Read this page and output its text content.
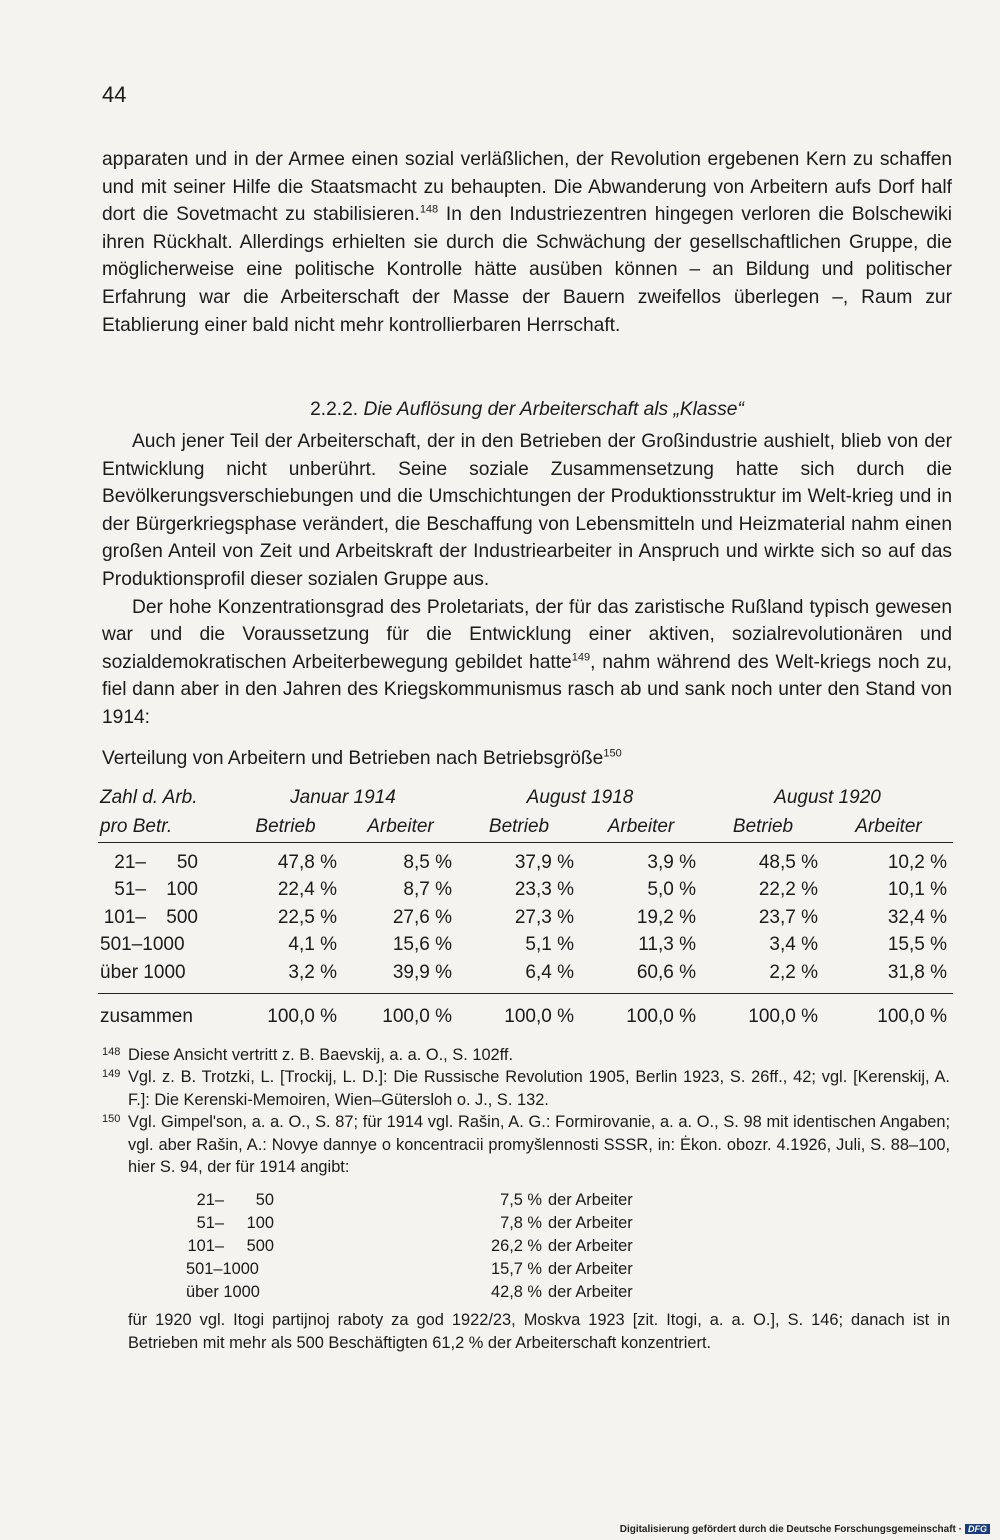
44

apparaten und in der Armee einen sozial verläßlichen, der Revolution ergebenen Kern zu schaffen und mit seiner Hilfe die Staatsmacht zu behaupten. Die Abwanderung von Arbeitern aufs Dorf half dort die Sovetmacht zu stabilisieren.$^{148}$ In den Industriezentren hingegen verloren die Bolschewiki ihren Rückhalt. Allerdings erhielten sie durch die Schwächung der gesellschaftlichen Gruppe, die möglicherweise eine politische Kontrolle hätte ausüben können – an Bildung und politischer Erfahrung war die Arbeiterschaft der Masse der Bauern zweifellos überlegen –, Raum zur Etablierung einer bald nicht mehr kontrollierbaren Herrschaft.

2.2.2. Die Auflösung der Arbeiterschaft als „Klasse“

Auch jener Teil der Arbeiterschaft, der in den Betrieben der Großindustrie aushielt, blieb von der Entwicklung nicht unberührt. Seine soziale Zusammensetzung hatte sich durch die Bevölkerungsverschiebungen und die Umschichtungen der Produktionsstruktur im Welt-krieg und in der Bürgerkriegsphase verändert, die Beschaffung von Lebensmitteln und Heizmaterial nahm einen großen Anteil von Zeit und Arbeitskraft der Industriearbeiter in Anspruch und wirkte sich so auf das Produktionsprofil dieser sozialen Gruppe aus.

Der hohe Konzentrationsgrad des Proletariats, der für das zaristische Rußland typisch gewesen war und die Voraussetzung für die Entwicklung einer aktiven, sozialrevolutionären und sozialdemokratischen Arbeiterbewegung gebildet hatte$^{149}$, nahm während des Welt-kriegs noch zu, fiel dann aber in den Jahren des Kriegskommunismus rasch ab und sank noch unter den Stand von 1914:

Verteilung von Arbeitern und Betrieben nach Betriebsgröße$^{150}$
Zahl d. Arb.	Januar 1914		August 1918		August 1920	
pro Betr.	Betrieb	Arbeiter	Betrieb	Arbeiter	Betrieb	Arbeiter
21– 50	47,8 %	8,5 %	37,9 %	3,9 %	48,5 %	10,2 %
51– 100	22,4 %	8,7 %	23,3 %	5,0 %	22,2 %	10,1 %
101– 500	22,5 %	27,6 %	27,3 %	19,2 %	23,7 %	32,4 %
501–1000	4,1 %	15,6 %	5,1 %	11,3 %	3,4 %	15,5 %
über 1000	3,2 %	39,9 %	6,4 %	60,6 %	2,2 %	31,8 %
zusammen	100,0 %	100,0 %	100,0 %	100,0 %	100,0 %	100,0 %

148 Diese Ansicht vertritt z. B. Baevskij, a. a. O., S. 102ff.

149 Vgl. z. B. Trotzki, L. [Trockij, L. D.]: Die Russische Revolution 1905, Berlin 1923, S. 26ff., 42; vgl. [Kerenskij, A. F.]: Die Kerenski-Memoiren, Wien–Gütersloh o. J., S. 132.

150 Vgl. Gimpel'son, a. a. O., S. 87; für 1914 vgl. Rašin, A. G.: Formirovanie, a. a. O., S. 98 mit identischen Angaben; vgl. aber Rašin, A.: Novye dannye o koncentracii promyšlennosti SSSR, in: Ėkon. obozr. 4.1926, Juli, S. 88–100, hier S. 94, der für 1914 angibt:

21– 50		7,5 %	der Arbeiter
51– 100		7,8 %	der Arbeiter
101– 500		26,2 %	der Arbeiter
501–1000		15,7 %	der Arbeiter
über 1000		42,8 %	der Arbeiter

für 1920 vgl. Itogi partijnoj raboty za god 1922/23, Moskva 1923 [zit. Itogi, a. a. O.], S. 146; danach ist in Betrieben mit mehr als 500 Beschäftigten 61,2 % der Arbeiterschaft konzentriert.

Digitalisierung gefördert durch die Deutsche Forschungsgemeinschaft · DFG
